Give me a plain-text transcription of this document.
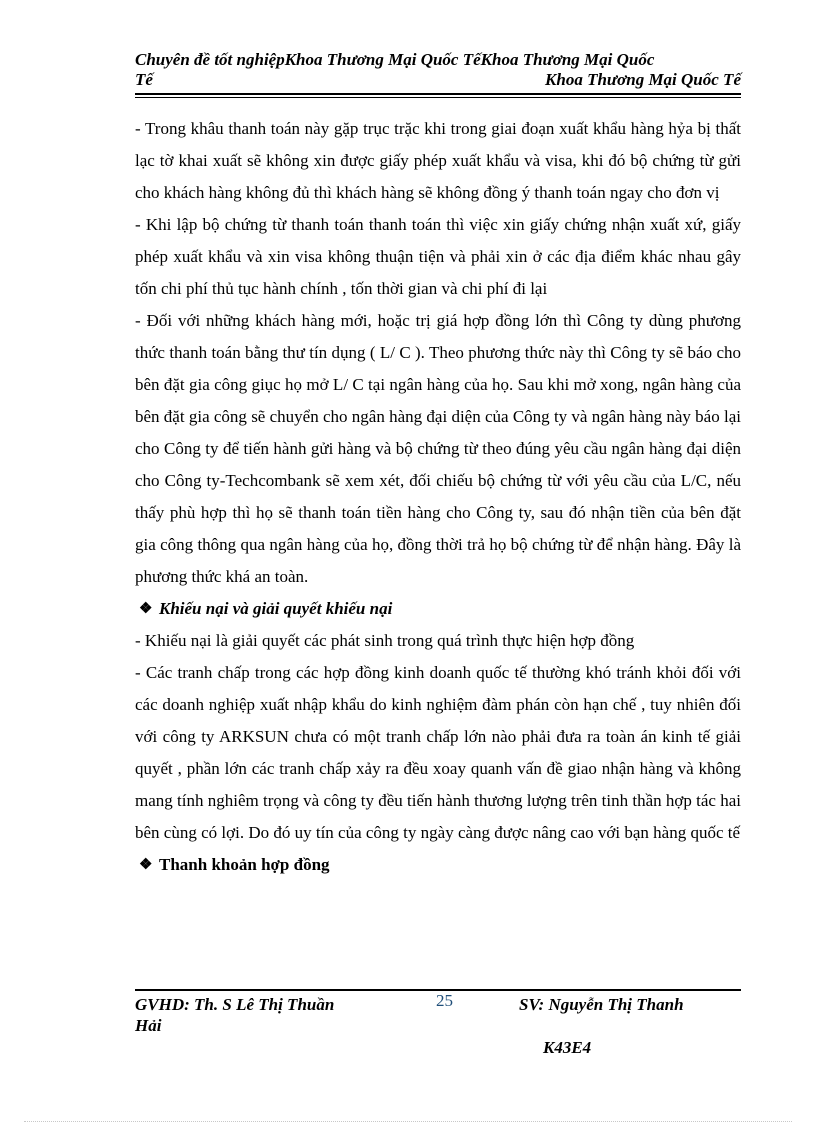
Chuyên đề tốt nghiệpKhoa Thương Mại Quốc TếKhoa Thương Mại Quốc
Tế	Khoa Thương Mại Quốc Tế

- Trong khâu thanh toán này gặp trục trặc khi trong giai đoạn xuất khẩu hàng hỷa bị thất lạc tờ khai xuất sẽ không xin được giấy phép xuất khẩu và visa, khi đó bộ chứng từ gửi cho khách hàng không đủ thì khách hàng sẽ không đồng ý thanh toán ngay cho đơn vị

- Khi lập bộ chứng từ thanh toán thanh toán thì việc xin giấy chứng nhận xuất xứ, giấy phép xuất khẩu và xin visa không thuận tiện và phải xin ở các địa điểm khác nhau gây tốn chi phí thủ tục hành chính , tốn thời gian và chi phí đi lại

- Đối với những khách hàng mới, hoặc trị giá hợp đồng lớn thì Công ty dùng phương thức thanh toán bằng thư tín dụng ( L/ C ). Theo phương thức này thì Công ty sẽ báo cho bên đặt gia công giục họ mở L/ C tại ngân hàng của họ. Sau khi mở xong, ngân hàng của bên đặt gia công sẽ chuyển cho ngân hàng đại diện của Công ty và ngân hàng này báo lại cho Công ty để tiến hành gửi hàng và bộ chứng từ theo đúng yêu cầu ngân hàng đại diện cho Công ty-Techcombank sẽ xem xét, đối chiếu bộ chứng từ với yêu cầu của L/C, nếu thấy phù hợp thì họ sẽ thanh toán tiền hàng cho Công ty, sau đó nhận tiền của bên đặt gia công thông qua ngân hàng của họ, đồng thời trả họ bộ chứng từ để nhận hàng. Đây là phương thức khá an toàn.

❖ Khiếu nại và giải quyết khiếu nại

- Khiếu nại là giải quyết các phát sinh trong quá trình thực hiện hợp đồng

- Các tranh chấp trong các hợp đồng kinh doanh quốc tế thường khó tránh khỏi đối với các doanh nghiệp xuất nhập khẩu do kinh nghiệm đàm phán còn hạn chế , tuy nhiên đối với công ty ARKSUN chưa có một tranh chấp lớn nào phải đưa ra toàn án kinh tế giải quyết , phần lớn các tranh chấp xảy ra đều xoay quanh vấn đề giao nhận hàng và không mang tính nghiêm trọng và công ty đều tiến hành thương lượng trên tinh thần hợp tác hai bên cùng có lợi. Do đó uy tín của công ty ngày càng được nâng cao với bạn hàng quốc tế

❖ Thanh khoản hợp đồng
GVHD: Th. S Lê Thị Thuần
Hải
25	SV: Nguyễn Thị Thanh
K43E4
